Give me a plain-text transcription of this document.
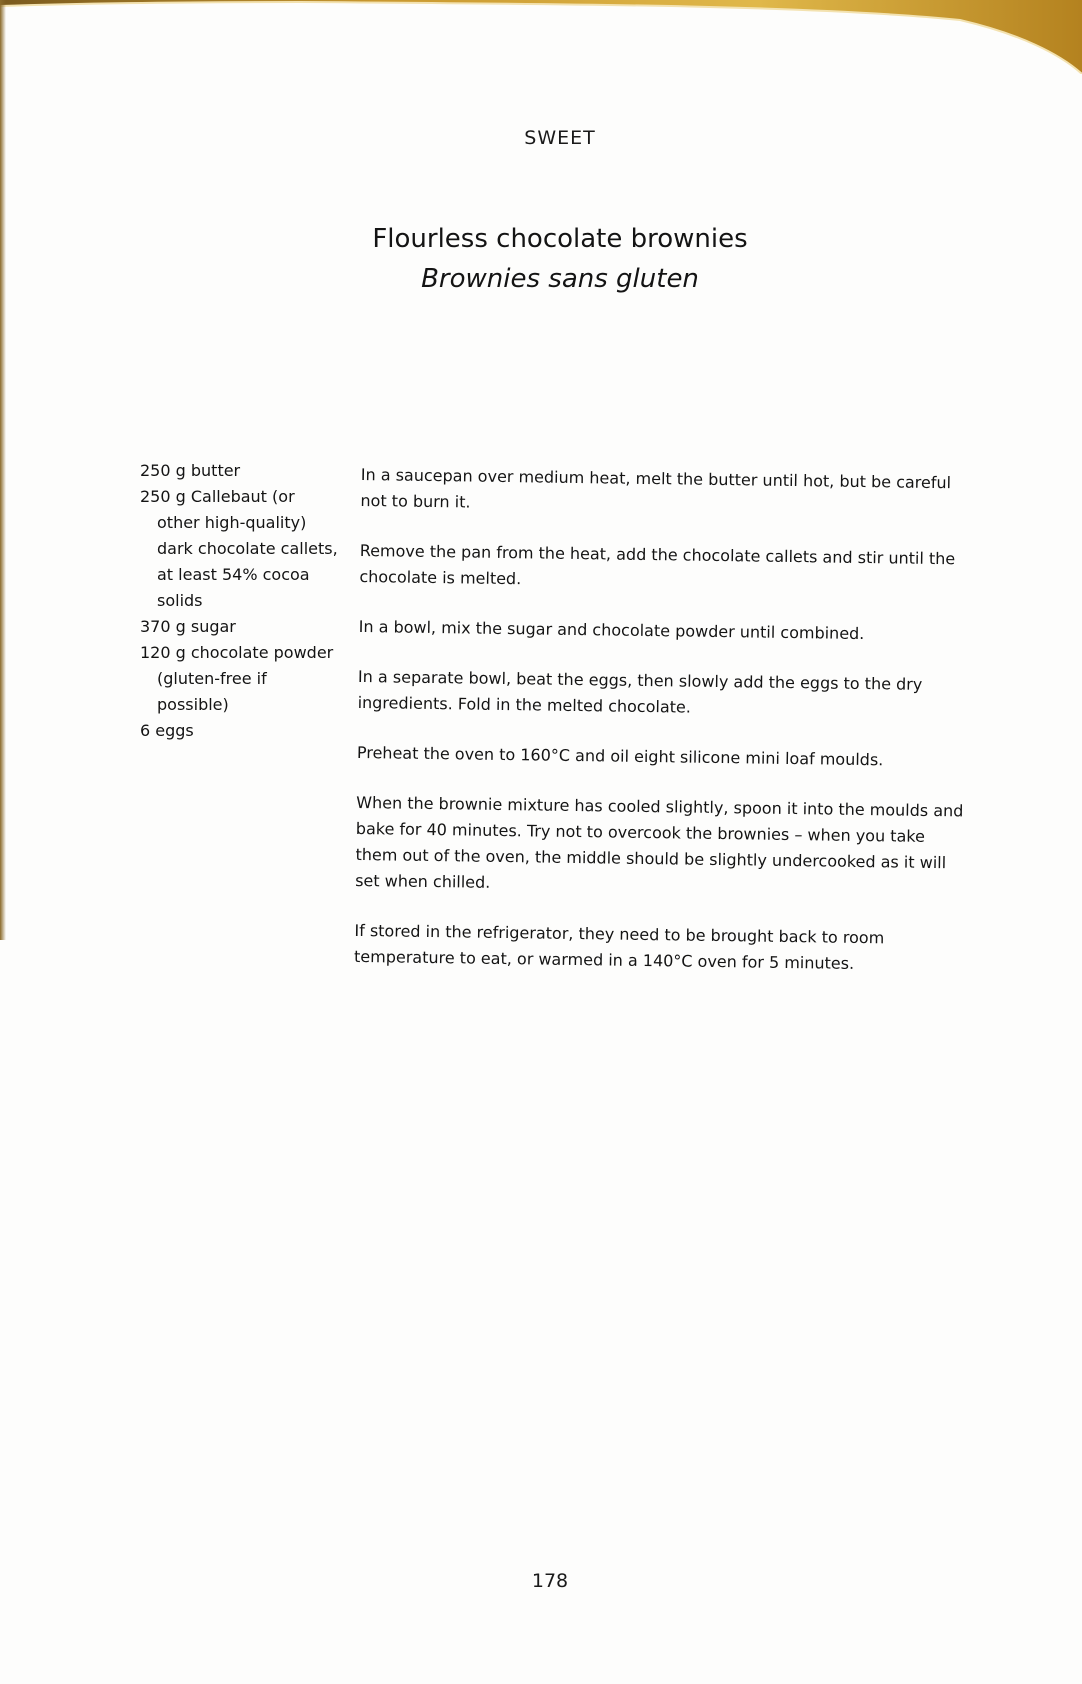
SWEET
Flourless chocolate brownies
Brownies sans gluten
250 g butter
250 g Callebaut (or other high-quality) dark chocolate callets, at least 54% cocoa solids
370 g sugar
120 g chocolate powder (gluten-free if possible)
6 eggs

In a saucepan over medium heat, melt the butter until hot, but be careful not to burn it.

Remove the pan from the heat, add the chocolate callets and stir until the chocolate is melted.

In a bowl, mix the sugar and chocolate powder until combined.

In a separate bowl, beat the eggs, then slowly add the eggs to the dry ingredients. Fold in the melted chocolate.

Preheat the oven to 160°C and oil eight silicone mini loaf moulds.

When the brownie mixture has cooled slightly, spoon it into the moulds and bake for 40 minutes. Try not to overcook the brownies – when you take them out of the oven, the middle should be slightly undercooked as it will set when chilled.

If stored in the refrigerator, they need to be brought back to room temperature to eat, or warmed in a 140°C oven for 5 minutes.

178
